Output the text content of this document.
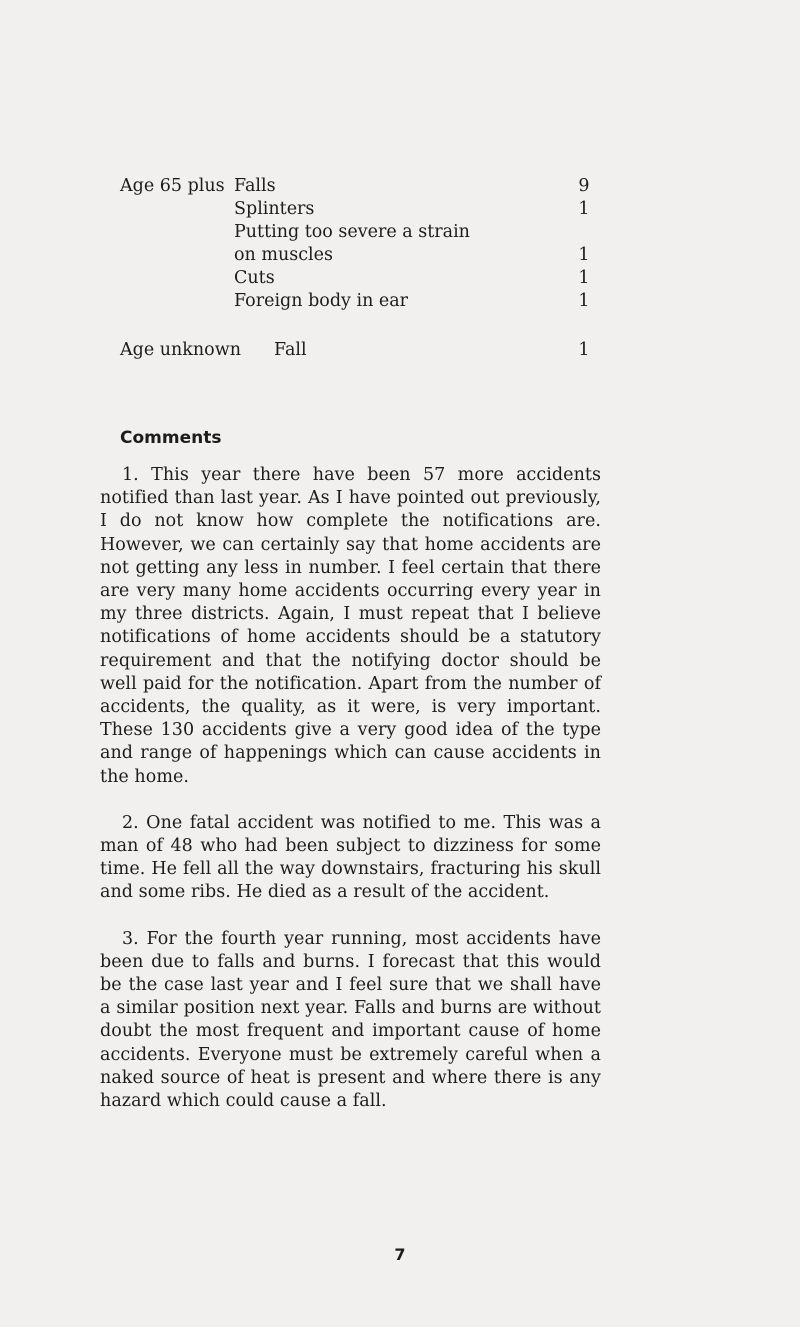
Age 65 plus Falls	9
Splinters	1
Putting too severe a strain
on muscles	1
Cuts	1
Foreign body in ear	1
Age unknown Fall	1
Comments

1. This year there have been 57 more accidents notified than last year. As I have pointed out previously, I do not know how complete the notifications are. However, we can certainly say that home accidents are not getting any less in number. I feel certain that there are very many home accidents occurring every year in my three districts. Again, I must repeat that I believe notifications of home accidents should be a statutory requirement and that the notifying doctor should be well paid for the notification. Apart from the number of accidents, the quality, as it were, is very important. These 130 accidents give a very good idea of the type and range of happenings which can cause accidents in the home.

2. One fatal accident was notified to me. This was a man of 48 who had been subject to dizziness for some time. He fell all the way downstairs, fracturing his skull and some ribs. He died as a result of the accident.

3. For the fourth year running, most accidents have been due to falls and burns. I forecast that this would be the case last year and I feel sure that we shall have a similar position next year. Falls and burns are without doubt the most frequent and important cause of home accidents. Everyone must be extremely careful when a naked source of heat is present and where there is any hazard which could cause a fall.

7
